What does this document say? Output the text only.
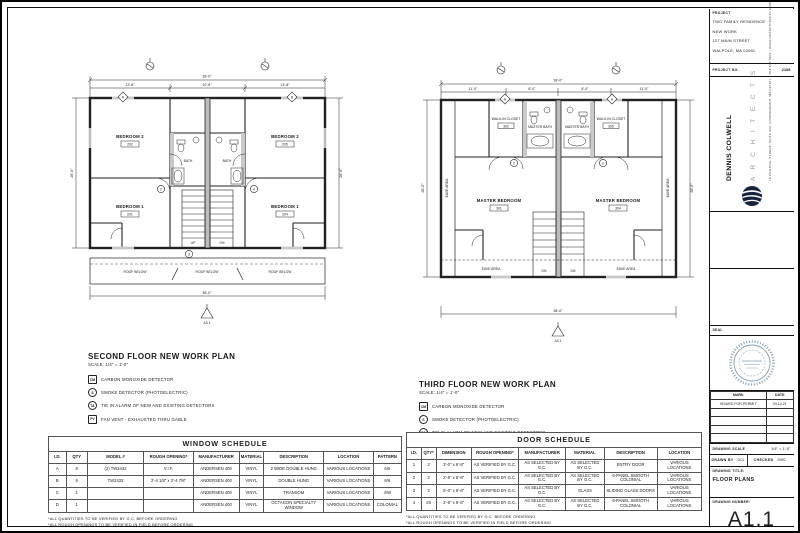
38'-0"
13'-8"	10'-8"	13'-8"
26'-0"	26'-0"
38'-0"
BEDROOM 2
202
BEDROOM 2
205
BATH	BATH
BEDROOM 1
201
BEDROOM 1
204
ROOF BELOW	ROOF BELOW	ROOF BELOW
A	B
2	4
3
UP	DN
A3.1
SECOND FLOOR NEW WORK PLAN
SCALE: 1/4" = 1'-0"
CM	CARBON MONOXIDE DETECTOR
S	SMOKE DETECTOR (PHOTOELECTRIC)
TA	TIE IN ALARM OF NEW AND EXISTING DETECTORS
FV	FAN VENT - EXHAUSTED THRU GABLE
38'-0"
11'-0"	8'-0"	8'-0"	11'-0"
28'-0"	28'-0"
38'-0"
WALK-IN CLOSET
302
WALK-IN CLOSET
305
MASTER BATH	MASTER BATH
MASTER BEDROOM
301
MASTER BEDROOM
304
EAVE AREA	EAVE AREA
EAVE AREA	EAVE AREA
A	A
2	2
DN	DN
A3.1
THIRD FLOOR NEW WORK PLAN
SCALE: 1/4" = 1'-0"
CM	CARBON MONOXIDE DETECTOR
S	SMOKE DETECTOR (PHOTOELECTRIC)
WINDOW SCHEDULE								
I.D.	QTY	MODEL #	ROUGH OPENING*	MANUFACTURER	MATERIAL	DESCRIPTION	LOCATION	PATTERN
A	8	(2) TW2432	V.I.F.	ANDERSEN 400	VINYL	2 WIDE DOUBLE HUNG	VARIOUS LOCATIONS	6/6
B	6	TW2432	2'-4 1/8" x 3'-4 7/8"	ANDERSEN 400	VINYL	DOUBLE HUNG	VARIOUS LOCATIONS	6/6
C	1			ANDERSEN 400	VINYL	TRANSOM	VARIOUS LOCATIONS	4/W
D	1			ANDERSEN 400	VINYL	OCTAGON SPECIALTY WINDOW	VARIOUS LOCATIONS	COLONIAL
*ALL QUANTITIES TO BE VERIFIED BY G.C. BEFORE ORDERING
*ALL ROUGH OPENINGS TO BE VERIFIED IN FIELD BEFORE ORDERING
DOOR SCHEDULE							
I.D.	QTY*	DIMENSION	ROUGH OPENING*	MANUFACTURER	MATERIAL	DESCRIPTION	LOCATION
1	2	3'-0" x 6'-8"	AS VERIFIED BY G.C.	AS SELECTED BY G.C.	AS SELECTED BY G.C.	ENTRY DOOR	VARIOUS LOCATIONS
2	2	2'-8" x 6'-8"	AS VERIFIED BY G.C.	AS SELECTED BY G.C.	AS SELECTED BY G.C.	6-PANEL SMOOTH COLONIAL	VARIOUS LOCATIONS
3	2	5'-0" x 6'-8"	AS VERIFIED BY G.C.	AS SELECTED BY G.C.	GLASS	SLIDING GLASS DOORS	VARIOUS LOCATIONS
4	20	2'-6" x 6'-8"	AS VERIFIED BY G.C.	AS SELECTED BY G.C.	AS SELECTED BY G.C.	6-PANEL SMOOTH COLONIAL	VARIOUS LOCATIONS
*ALL QUANTITIES TO BE VERIFIED BY G.C. BEFORE ORDERING
*ALL ROUGH OPENINGS TO BE VERIFIED IN FIELD BEFORE ORDERING
PROJECT
TWO FAMILY RESIDENCE
NEW WORK
127 MAIN STREET
WALPOLE, MA 02081
PROJECT NO.	2108
DENNIS COLWELL	A R C H I T E C T S	18 CENTRAL STREET, SUITE 200, FOXBOROUGH, MA 02035 | T 508.543.5600 | WWW.DCARCHITECTS.COM
SEAL
MARK	DATE
ISSUED FOR PERMIT	04.14.21

DRAWING SCALE	1/4" = 1'-0"
DRAWN BY	DCL	CHECKED	DWC
DRAWING TITLE:
FLOOR PLANS
DRAWING NUMBER:
A1.1
